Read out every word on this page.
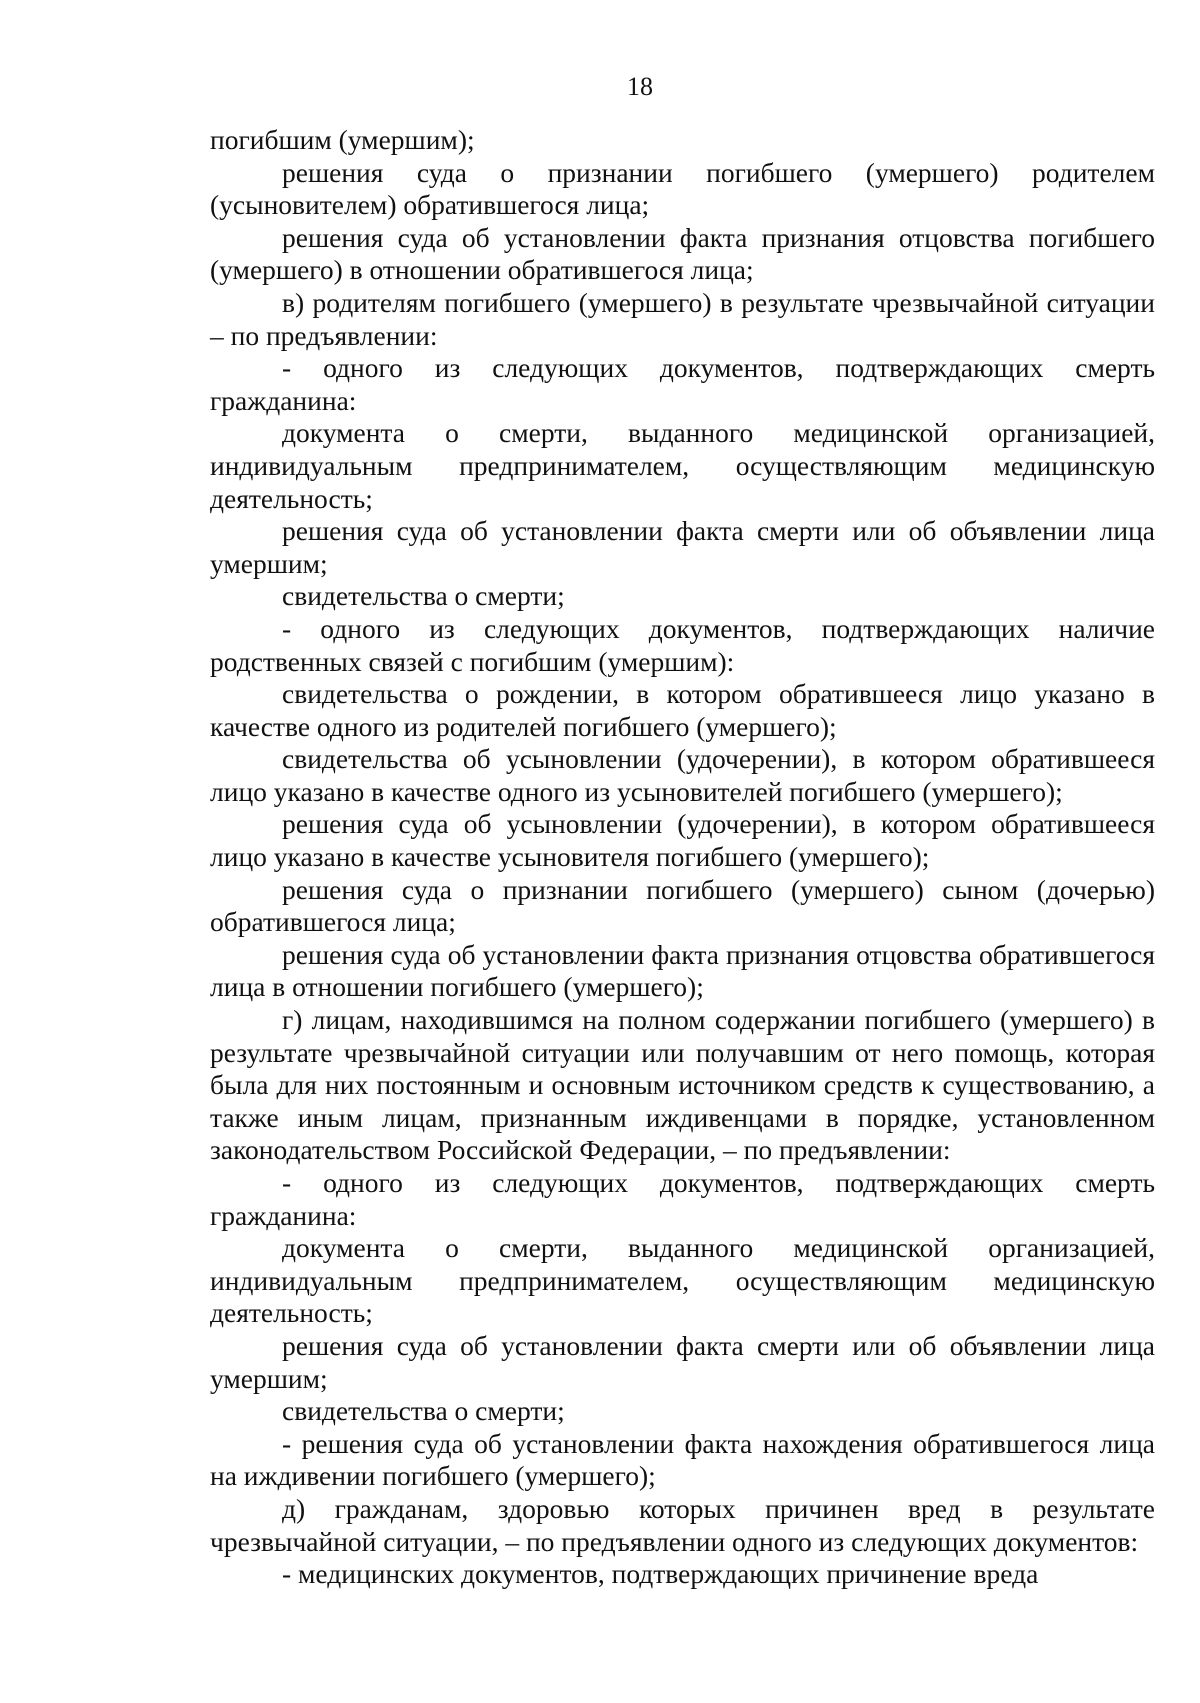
18

погибшим (умершим);

решения суда о признании погибшего (умершего) родителем (усыновителем) обратившегося лица;

решения суда об установлении факта признания отцовства погибшего (умершего) в отношении обратившегося лица;

в) родителям погибшего (умершего) в результате чрезвычайной ситуации – по предъявлении:

- одного из следующих документов, подтверждающих смерть гражданина:

документа о смерти, выданного медицинской организацией, индивидуальным предпринимателем, осуществляющим медицинскую деятельность;

решения суда об установлении факта смерти или об объявлении лица умершим;

свидетельства о смерти;

- одного из следующих документов, подтверждающих наличие родственных связей с погибшим (умершим):

свидетельства о рождении, в котором обратившееся лицо указано в качестве одного из родителей погибшего (умершего);

свидетельства об усыновлении (удочерении), в котором обратившееся лицо указано в качестве одного из усыновителей погибшего (умершего);

решения суда об усыновлении (удочерении), в котором обратившееся лицо указано в качестве усыновителя погибшего (умершего);

решения суда о признании погибшего (умершего) сыном (дочерью) обратившегося лица;

решения суда об установлении факта признания отцовства обратившегося лица в отношении погибшего (умершего);

г) лицам, находившимся на полном содержании погибшего (умершего) в результате чрезвычайной ситуации или получавшим от него помощь, которая была для них постоянным и основным источником средств к существованию, а также иным лицам, признанным иждивенцами в порядке, установленном законодательством Российской Федерации, – по предъявлении:

- одного из следующих документов, подтверждающих смерть гражданина:

документа о смерти, выданного медицинской организацией, индивидуальным предпринимателем, осуществляющим медицинскую деятельность;

решения суда об установлении факта смерти или об объявлении лица умершим;

свидетельства о смерти;

- решения суда об установлении факта нахождения обратившегося лица на иждивении погибшего (умершего);

д) гражданам, здоровью которых причинен вред в результате чрезвычайной ситуации, – по предъявлении одного из следующих документов:

- медицинских документов, подтверждающих причинение вреда
